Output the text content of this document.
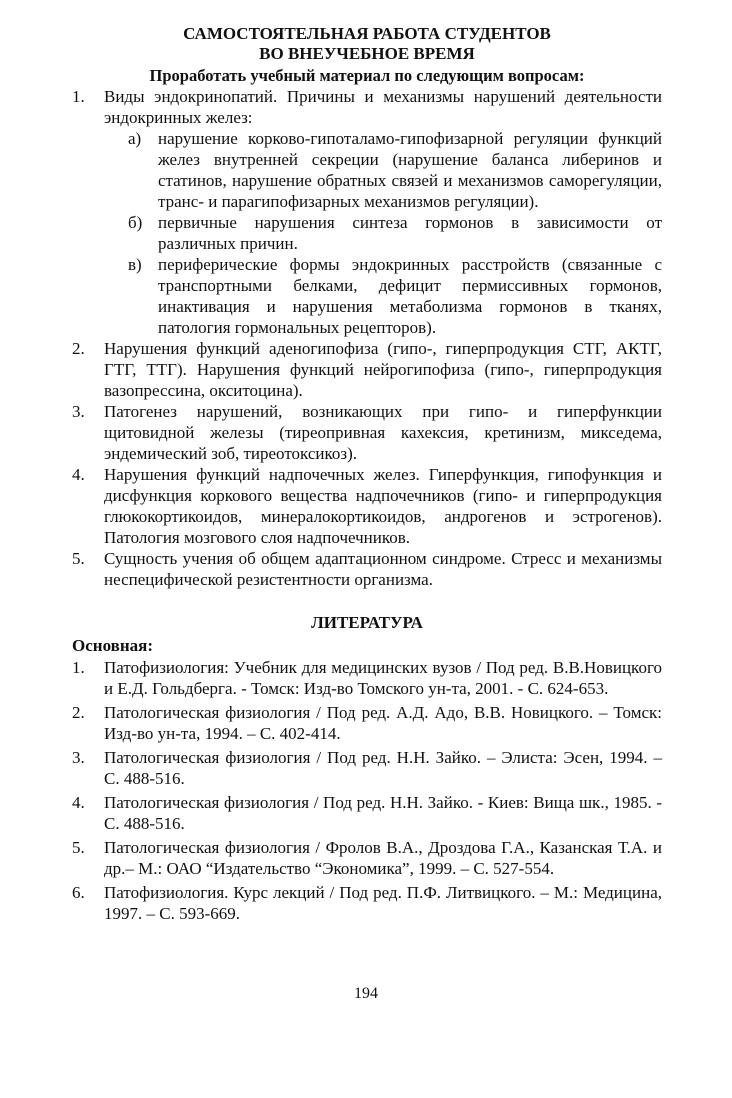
САМОСТОЯТЕЛЬНАЯ РАБОТА СТУДЕНТОВ

ВО ВНЕУЧЕБНОЕ ВРЕМЯ

Проработать учебный материал по следующим вопросам:

1. Виды эндокринопатий. Причины и механизмы нарушений деятельности эндокринных желез:
а) нарушение корково-гипоталамо-гипофизарной регуляции функций желез внутренней секреции (нарушение баланса либеринов и статинов, нарушение обратных связей и механизмов саморегуляции, транс- и парагипофизарных механизмов регуляции).
б) первичные нарушения синтеза гормонов в зависимости от различных причин.
в) периферические формы эндокринных расстройств (связанные с транспортными белками, дефицит пермиссивных гормонов, инактивация и нарушения метаболизма гормонов в тканях, патология гормональных рецепторов).
2. Нарушения функций аденогипофиза (гипо-, гиперпродукция СТГ, АКТГ, ГТГ, ТТГ). Нарушения функций нейрогипофиза (гипо-, гиперпродукция вазопрессина, окситоцина).
3. Патогенез нарушений, возникающих при гипо- и гиперфункции щитовидной железы (тиреопривная кахексия, кретинизм, микседема, эндемический зоб, тиреотоксикоз).
4. Нарушения функций надпочечных желез. Гиперфункция, гипофункция и дисфункция коркового вещества надпочечников (гипо- и гиперпродукция глюкокортикоидов, минералокортикоидов, андрогенов и эстрогенов). Патология мозгового слоя надпочечников.
5. Сущность учения об общем адаптационном синдроме. Стресс и механизмы неспецифической резистентности организма.

ЛИТЕРАТУРА

Основная:

1. Патофизиология: Учебник для медицинских вузов / Под ред. В.В.Новицкого и Е.Д. Гольдберга. - Томск: Изд-во Томского ун-та, 2001. - С. 624-653.
2. Патологическая физиология / Под ред. А.Д. Адо, В.В. Новицкого. – Томск: Изд-во ун-та, 1994. – С. 402-414.
3. Патологическая физиология / Под ред. Н.Н. Зайко. – Элиста: Эсен, 1994. – С. 488-516.
4. Патологическая физиология / Под ред. Н.Н. Зайко. - Киев: Вища шк., 1985. - С. 488-516.
5. Патологическая физиология / Фролов В.А., Дроздова Г.А., Казанская Т.А. и др.– М.: ОАО “Издательство “Экономика”, 1999. – С. 527-554.
6. Патофизиология. Курс лекций / Под ред. П.Ф. Литвицкого. – М.: Медицина, 1997. – С. 593-669.
194
